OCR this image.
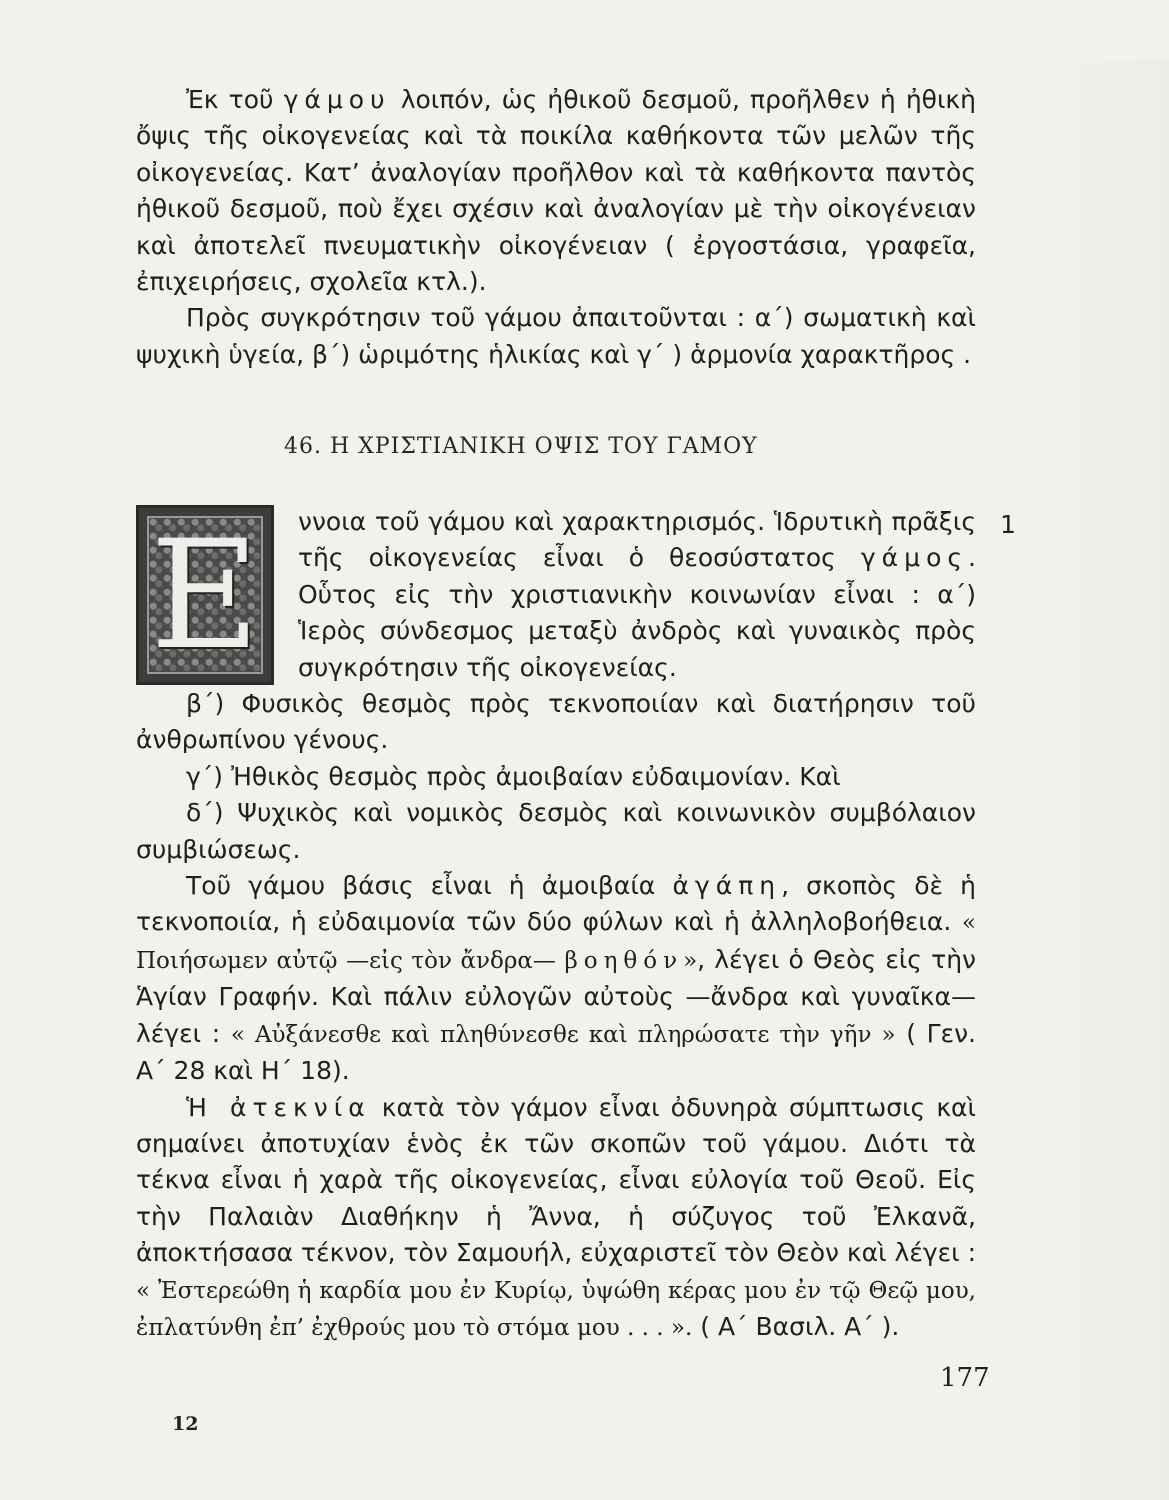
Ἐκ τοῦ γάμου λοιπόν, ὡς ἠθικοῦ δεσμοῦ, προῆλθεν ἡ ἠθικὴ ὄψις τῆς οἰκογενείας καὶ τὰ ποικίλα καθήκοντα τῶν μελῶν τῆς οἰκογενείας. Κατ’ ἀναλογίαν προῆλθον καὶ τὰ καθήκοντα παντὸς ἠθικοῦ δεσμοῦ, ποὺ ἔχει σχέσιν καὶ ἀναλογίαν μὲ τὴν οἰκογένειαν καὶ ἀποτελεῖ πνευματικὴν οἰκογένειαν ( ἐργοστάσια, γραφεῖα, ἐπιχειρήσεις, σχολεῖα κτλ.).

Πρὸς συγκρότησιν τοῦ γάμου ἀπαιτοῦνται : α΄) σωματικὴ καὶ ψυχικὴ ὑγεία, β΄) ὡριμότης ἡλικίας καὶ γ΄ ) ἁρμονία χαρακτῆρος .

46. Η ΧΡΙΣΤΙΑΝΙΚΗ ΟΨΙΣ ΤΟΥ ΓΑΜΟΥ
Ε	1

ννοια τοῦ γάμου καὶ χαρακτηρισμός. Ἱδρυτικὴ πρᾶξις τῆς οἰκογενείας εἶναι ὁ θεοσύστατος γάμος. Οὗτος εἰς τὴν χριστιανικὴν κοινωνίαν εἶναι : α΄) Ἱερὸς σύνδεσμος μεταξὺ ἀνδρὸς καὶ γυναικὸς πρὸς συγκρότησιν τῆς οἰκογενείας.

β΄) Φυσικὸς θεσμὸς πρὸς τεκνοποιίαν καὶ διατήρησιν τοῦ ἀνθρωπίνου γένους.

γ΄) Ἠθικὸς θεσμὸς πρὸς ἀμοιβαίαν εὐδαιμονίαν. Καὶ

δ΄) Ψυχικὸς καὶ νομικὸς δεσμὸς καὶ κοινωνικὸν συμβόλαιον συμβιώσεως.

Τοῦ γάμου βάσις εἶναι ἡ ἀμοιβαία ἀγάπη, σκοπὸς δὲ ἡ τεκνοποιία, ἡ εὐδαιμονία τῶν δύο φύλων καὶ ἡ ἀλληλοβοήθεια. « Ποιήσωμεν αὐτῷ —εἰς τὸν ἄνδρα— βοηθόν», λέγει ὁ Θεὸς εἰς τὴν Ἁγίαν Γραφήν. Καὶ πάλιν εὐλογῶν αὐτοὺς —ἄνδρα καὶ γυναῖκα— λέγει : « Αὐξάνεσθε καὶ πληθύνεσθε καὶ πληρώσατε τὴν γῆν » ( Γεν. Α΄ 28 καὶ Η΄ 18).

Ἡ ἀτεκνία κατὰ τὸν γάμον εἶναι ὀδυνηρὰ σύμπτωσις καὶ σημαίνει ἀποτυχίαν ἑνὸς ἐκ τῶν σκοπῶν τοῦ γάμου. Διότι τὰ τέκνα εἶναι ἡ χαρὰ τῆς οἰκογενείας, εἶναι εὐλογία τοῦ Θεοῦ. Εἰς τὴν Παλαιὰν Διαθήκην ἡ Ἄννα, ἡ σύζυγος τοῦ Ἐλκανᾶ, ἀποκτήσασα τέκνον, τὸν Σαμουήλ, εὐχαριστεῖ τὸν Θεὸν καὶ λέγει : « Ἐστερεώθη ἡ καρδία μου ἐν Κυρίῳ, ὑψώθη κέρας μου ἐν τῷ Θεῷ μου, ἐπλατύνθη ἐπ’ ἐχθρούς μου τὸ στόμα μου . . . ». ( Α΄ Βασιλ. Α΄ ).

177
12
